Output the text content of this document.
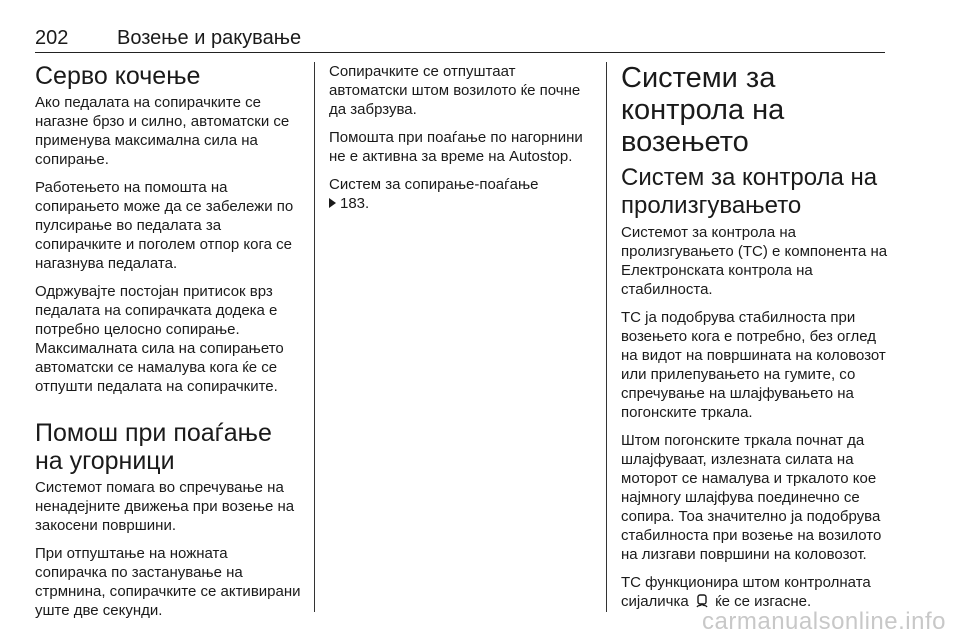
202 Возење и ракување
Серво кочење

Ако педалата на сопирачките се нагазне брзо и силно, автоматски се применува максимална сила на сопирање.

Работењето на помошта на сопирањето може да се забележи по пулсирање во педалата за сопирачките и поголем отпор кога се нагазнува педалата.

Одржувајте постојан притисок врз педалата на сопирачката додека е потребно целосно сопирање.

Максималната сила на сопирањето автоматски се намалува кога ќе се отпушти педалата на сопирачките.

Помош при поаѓање на угорници

Системот помага во спречување на ненадејните движења при возење на закосени површини.

При отпуштање на ножната сопирачка по застанување на стрмнина, сопирачките се активирани уште две секунди.

Сопирачките се отпуштаат автоматски штом возилото ќе почне да забрзува.

Помошта при поаѓање по нагорнини не е активна за време на Autostop.

Систем за сопирање-поаѓање
183.

Системи за контрола на возењето
Систем за контрола на пролизгувањето

Системот за контрола на пролизгувањето (TC) е компонента на Електронската контрола на стабилноста.

TC ја подобрува стабилноста при возењето кога е потребно, без оглед на видот на површината на коловозот или прилепувањето на гумите, со спречување на шлајфувањето на погонските тркала.

Штом погонските тркала почнат да шлајфуваат, излезната силата на моторот се намалува и тркалото кое најмногу шлајфува поединечно се сопира. Тоа значително ја подобрува стабилноста при возење на возилото на лизгави површини на коловозот.

TC функционира штом контролната сијаличка ќе се изгасне.

carmanualsonline.info
